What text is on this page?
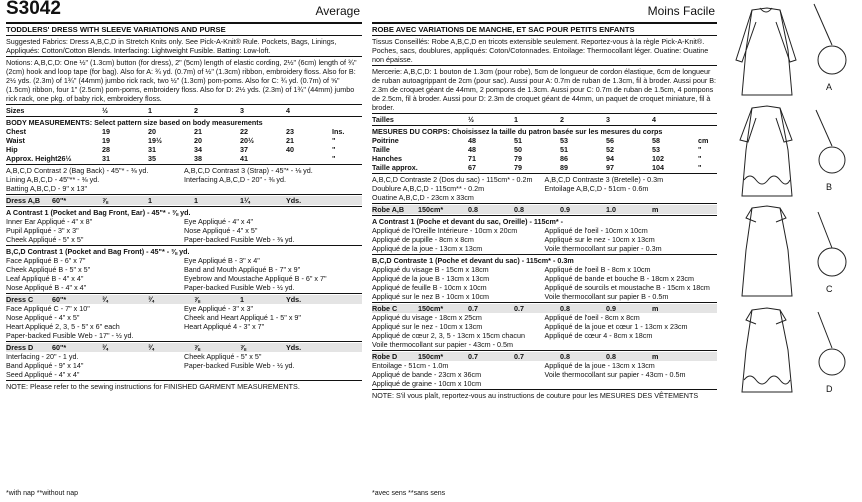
S3042	Average
TODDLERS' DRESS WITH SLEEVE VARIATIONS AND PURSE

Suggested Fabrics: Dress A,B,C,D in Stretch Knits only. See Pick-A-Knit® Rule. Pockets, Bags, Linings, Appliqués: Cotton/Cotton Blends. Interfacing: Lightweight Fusible. Batting: Low-loft.

Notions: A,B,C,D: One ½" (1.3cm) button (for dress), 2" (5cm) length of elastic cording, 2½" (6cm) length of ¾" (2cm) hook and loop tape (for bag). Also for A: ¾ yd. (0.7m) of ½" (1.3cm) ribbon, embroidery floss. Also for B: 2½ yds. (2.3m) of 1¾" (44mm) jumbo rick rack, two ½" (1.3cm) pom-poms. Also for C: ¾ yd. (0.7m) of ⅝" (1.5cm) ribbon, four 1" (2.5cm) pom-poms, embroidery floss. Also for D: 2½ yds. (2.3m) of 1¾" (44mm) jumbo rick rack, one pkg. of baby rick, embroidery floss.

Sizes	½	1	2	3	4
BODY MEASUREMENTS: Select pattern size based on body measurements
Chest	19	20	21	22	23	Ins.
Waist	19	19½	20	20½	21	"
Hip	28	31	34	37	40	"
Approx. Height26½	31	35	38	41	"
A,B,C,D Contrast 2 (Bag Back) - 45"* - ⅜ yd.
Lining A,B,C,D - 45"** - ⅜ yd.
Batting A,B,C,D - 9" x 13"
A,B,C,D Contrast 3 (Strap) - 45"* - ⅛ yd.
Interfacing A,B,C,D - 20" - ⅜ yd.
Dress A,B	60"*	⅞	1	1	1¼	Yds.
A Contrast 1 (Pocket and Bag Front, Ear) - 45"* - ⅜ yd.
Inner Ear Appliqué - 4" x 8"
Pupil Appliqué - 3" x 3"
Cheek Appliqué - 5" x 5"
Eye Appliqué - 4" x 4"
Nose Appliqué - 4" x 5"
Paper-backed Fusible Web - ⅜ yd.
B,C,D Contrast 1 (Pocket and Bag Front) - 45"* - ⅜ yd.
Face Appliqué B - 6" x 7"
Cheek Appliqué B - 5" x 5"
Leaf Appliqué B - 4" x 4"
Nose Appliqué B - 4" x 4"
Eye Appliqué B - 3" x 4"
Band and Mouth Appliqué B - 7" x 9"
Eyebrow and Moustache Appliqué B - 6" x 7"
Paper-backed Fusible Web - ½ yd.
Dress C	60"*	¾	¾	⅞	1	Yds.
Face Appliqué C - 7" x 10"
Nose Appliqué - 4" x 5"
Heart Appliqué 2, 3, 5 - 5" x 6" each
Paper-backed Fusible Web - 17" - ½ yd.
Eye Appliqué - 3" x 3"
Cheek and Heart Appliqué 1 - 5" x 9"
Heart Appliqué 4 - 3" x 7"
Dress D	60"*	¾	¾	⅞	⅞	Yds.
Interfacing - 20" - 1 yd.
Band Appliqué - 9" x 14"
Seed Appliqué - 4" x 4"
Cheek Appliqué - 5" x 5"
Paper-backed Fusible Web - ½ yd.
NOTE: Please refer to the sewing instructions for FINISHED GARMENT MEASUREMENTS.
*with nap **without nap
Moins Facile
ROBE AVEC VARIATIONS DE MANCHE, ET SAC POUR PETITS ENFANTS

Tissus Conseillés: Robe A,B,C,D en tricots extensible seulement. Reportez-vous à la règle Pick-A-Knit®. Poches, sacs, doublures, appliqués: Coton/Cotonnades. Entoilage: Thermocollant léger. Ouatine: Ouatine non épaisse.

Mercerie: A,B,C,D: 1 bouton de 1.3cm (pour robe), 5cm de longueur de cordon élastique, 6cm de longueur de ruban autoagrippant de 2cm (pour sac). Aussi pour A: 0.7m de ruban de 1.3cm, fil à broder. Aussi pour B: 2.3m de croquet géant de 44mm, 2 pompons de 1.3cm. Aussi pour C: 0.7m de ruban de 1.5cm, 4 pompons de 2.5cm, fil à broder. Aussi pour D: 2.3m de croquet géant de 44mm, un paquet de croquet miniature, fil à broder.

Tailles	½	1	2	3	4
MESURES DU CORPS: Choisissez la taille du patron basée sur les mesures du corps
Poitrine	48	51	53	56	58	cm
Taille	48	50	51	52	53	"
Hanches	71	79	86	94	102	"
Taille approx.	67	79	89	97	104	"
A,B,C,D Contraste 2 (Dos du sac) - 115cm* - 0.2m
Doublure A,B,C,D - 115cm** - 0.2m
Ouatine A,B,C,D - 23cm x 33cm
A,B,C,D Contraste 3 (Bretelle) - 0.3m
Entoilage A,B,C,D - 51cm - 0.6m
Robe A,B	150cm*	0.8	0.8	0.9	1.0	m
A Contrast 1 (Poche et devant du sac, Oreille) - 115cm* -
Appliqué de l'Oreille Intérieure - 10cm x 20cm
Appliqué de pupille - 8cm x 8cm
Appliqué de la joue - 13cm x 13cm
Appliqué de l'oeil - 10cm x 10cm
Appliqué sur le nez - 10cm x 13cm
Voile thermocollant sur papier - 0.3m
B,C,D Contraste 1 (Poche et devant du sac) - 115cm* - 0.3m
Appliqué du visage B - 15cm x 18cm
Appliqué de la joue B - 13cm x 13cm
Appliqué de feuille B - 10cm x 10cm
Appliqué sur le nez B - 10cm x 10cm
Appliqué de l'oeil B - 8cm x 10cm
Appliqué de bande et bouche B - 18cm x 23cm
Appliqué de sourcils et moustache B - 15cm x 18cm
Voile thermocollant sur papier B - 0.5m
Robe C	150cm*	0.7	0.7	0.8	0.9	m
Appliqué du visage - 18cm x 25cm
Appliqué sur le nez - 10cm x 13cm
Appliqué de cœur 2, 3, 5 - 13cm x 15cm chacun
Voile thermocollant sur papier - 43cm - 0.5m
Appliqué de l'oeil - 8cm x 8cm
Appliqué de la joue et cœur 1 - 13cm x 23cm
Appliqué de cœur 4 - 8cm x 18cm
Robe D	150cm*	0.7	0.7	0.8	0.8	m
Entoilage - 51cm - 1.0m
Appliqué de bande - 23cm x 36cm
Appliqué de graine - 10cm x 10cm
Appliqué de la joue - 13cm x 13cm
Voile thermocollant sur papier - 43cm - 0.5m
NOTE: S'il vous plaît, reportez-vous au instructions de couture pour les MESURES DES VÊTEMENTS
*avec sens **sans sens
A
B
C
D
